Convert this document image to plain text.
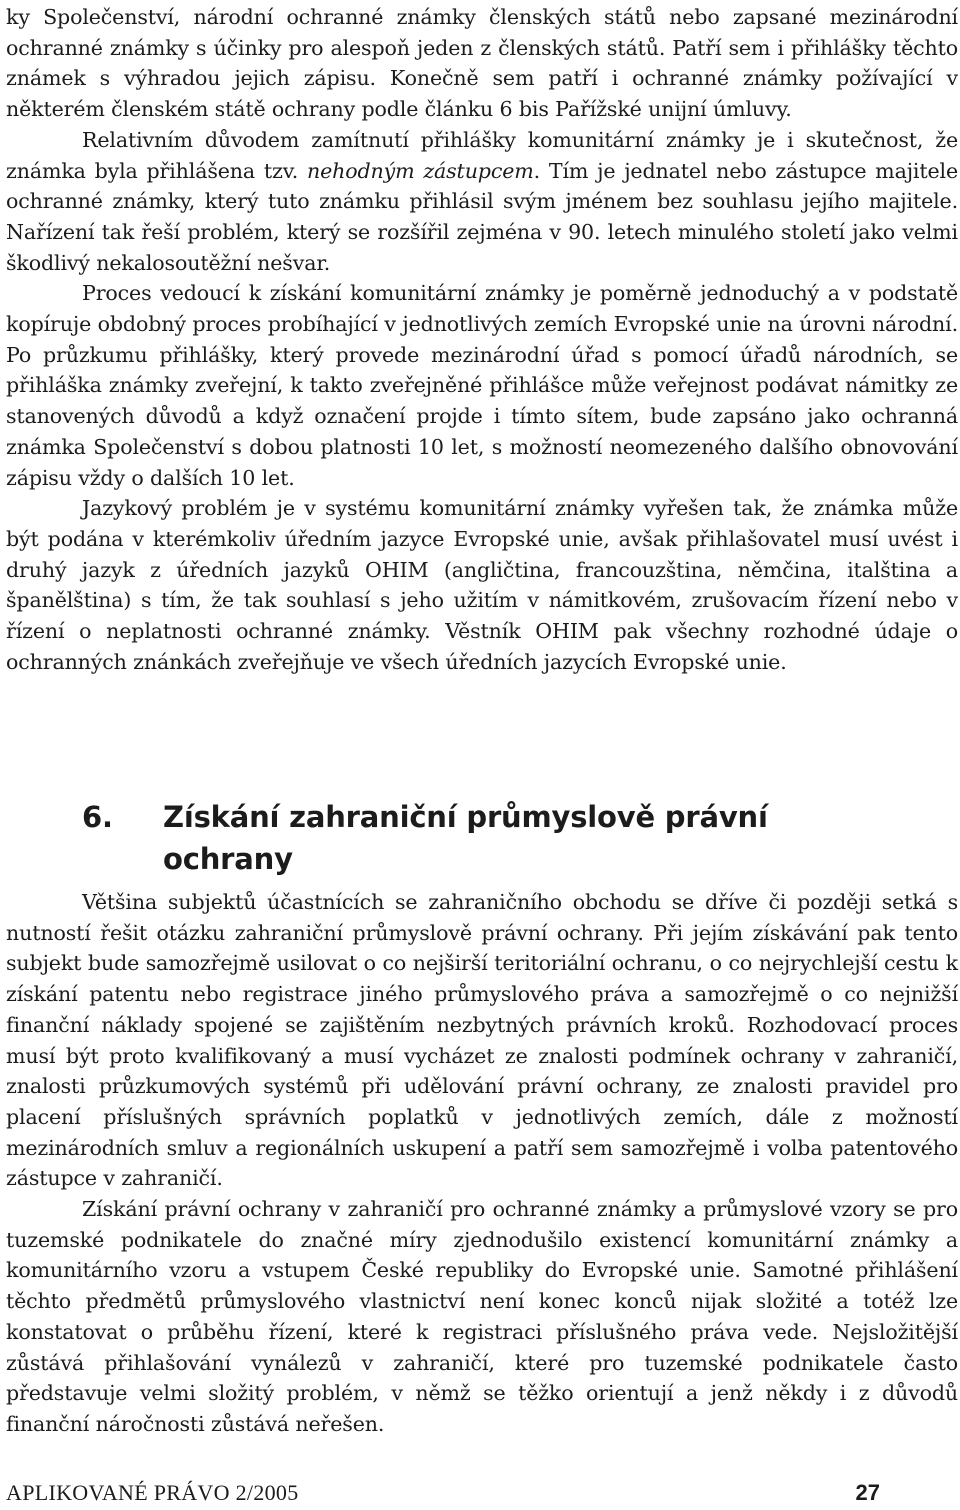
ky Společenství, národní ochranné známky členských států nebo zapsané mezinárodní ochranné známky s účinky pro alespoň jeden z členských států. Patří sem i přihlášky těchto známek s výhradou jejich zápisu. Konečně sem patří i ochranné známky požívající v některém členském státě ochrany podle článku 6 bis Pařížské unijní úmluvy.

Relativním důvodem zamítnutí přihlášky komunitární známky je i skutečnost, že známka byla přihlášena tzv. nehodným zástupcem. Tím je jednatel nebo zástupce majitele ochranné známky, který tuto známku přihlásil svým jménem bez souhlasu jejího majitele. Nařízení tak řeší problém, který se rozšířil zejména v 90. letech minulého století jako velmi škodlivý nekalosoutěžní nešvar.

Proces vedoucí k získání komunitární známky je poměrně jednoduchý a v podstatě kopíruje obdobný proces probíhající v jednotlivých zemích Evropské unie na úrovni národní. Po průzkumu přihlášky, který provede mezinárodní úřad s pomocí úřadů národních, se přihláška známky zveřejní, k takto zveřejněné přihlášce může veřejnost podávat námitky ze stanovených důvodů a když označení projde i tímto sítem, bude zapsáno jako ochranná známka Společenství s dobou platnosti 10 let, s možností neomezeného dalšího obnovování zápisu vždy o dalších 10 let.

Jazykový problém je v systému komunitární známky vyřešen tak, že známka může být podána v kterémkoliv úředním jazyce Evropské unie, avšak přihlašovatel musí uvést i druhý jazyk z úředních jazyků OHIM (angličtina, francouzština, němčina, italština a španělština) s tím, že tak souhlasí s jeho užitím v námitkovém, zrušovacím řízení nebo v řízení o neplatnosti ochranné známky. Věstník OHIM pak všechny rozhodné údaje o ochranných znánkách zveřejňuje ve všech úředních jazycích Evropské unie.

6. Získání zahraniční průmyslově právní ochrany

Většina subjektů účastnících se zahraničního obchodu se dříve či později setká s nutností řešit otázku zahraniční průmyslově právní ochrany. Při jejím získávání pak tento subjekt bude samozřejmě usilovat o co nejširší teritoriální ochranu, o co nejrychlejší cestu k získání patentu nebo registrace jiného průmyslového práva a samozřejmě o co nejnižší finanční náklady spojené se zajištěním nezbytných právních kroků. Rozhodovací proces musí být proto kvalifikovaný a musí vycházet ze znalosti podmínek ochrany v zahraničí, znalosti průzkumových systémů při udělování právní ochrany, ze znalosti pravidel pro placení příslušných správních poplatků v jednotlivých zemích, dále z možností mezinárodních smluv a regionálních uskupení a patří sem samozřejmě i volba patentového zástupce v zahraničí.

Získání právní ochrany v zahraničí pro ochranné známky a průmyslové vzory se pro tuzemské podnikatele do značné míry zjednodušilo existencí komunitární známky a komunitárního vzoru a vstupem České republiky do Evropské unie. Samotné přihlášení těchto předmětů průmyslového vlastnictví není konec konců nijak složité a totéž lze konstatovat o průběhu řízení, které k registraci příslušného práva vede. Nejsložitější zůstává přihlašování vynálezů v zahraničí, které pro tuzemské podnikatele často představuje velmi složitý problém, v němž se těžko orientují a jenž někdy i z důvodů finanční náročnosti zůstává neřešen.

APLIKOVANÉ PRÁVO 2/2005	27
